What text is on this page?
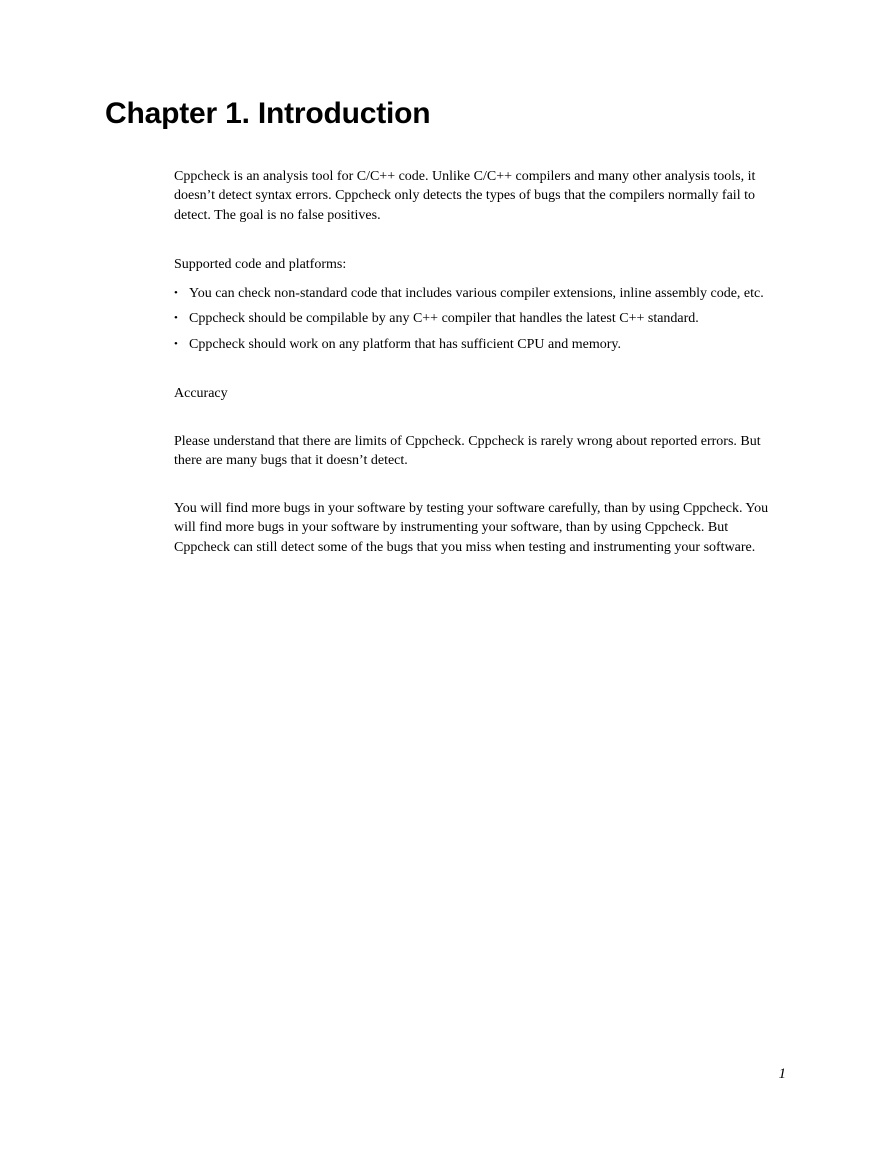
Chapter 1. Introduction

Cppcheck is an analysis tool for C/C++ code. Unlike C/C++ compilers and many other analysis tools, it doesn’t detect syntax errors. Cppcheck only detects the types of bugs that the compilers normally fail to detect. The goal is no false positives.

Supported code and platforms:

• You can check non-standard code that includes various compiler extensions, inline assembly code, etc.
• Cppcheck should be compilable by any C++ compiler that handles the latest C++ standard.
• Cppcheck should work on any platform that has sufficient CPU and memory.

Accuracy

Please understand that there are limits of Cppcheck. Cppcheck is rarely wrong about reported errors. But there are many bugs that it doesn’t detect.

You will find more bugs in your software by testing your software carefully, than by using Cppcheck. You will find more bugs in your software by instrumenting your software, than by using Cppcheck. But Cppcheck can still detect some of the bugs that you miss when testing and instrumenting your software.

1
